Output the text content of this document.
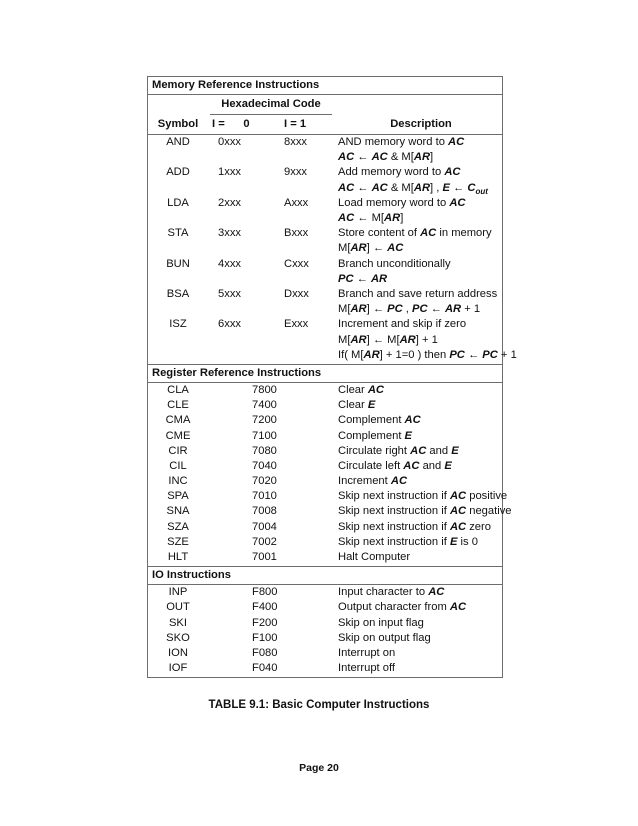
Memory Reference Instructions
Hexadecimal Code
Symbol	I =      0	I = 1	Description
AND	0xxx	8xxx	AND memory word to AC
AC ← AC & M[AR]
ADD	1xxx	9xxx	Add memory word to AC
AC ← AC & M[AR] , E ← $C_{out}$
LDA	2xxx	Axxx	Load memory word to AC
AC ← M[AR]
STA	3xxx	Bxxx	Store content of AC in memory
M[AR] ← AC
BUN	4xxx	Cxxx	Branch unconditionally
PC ← AR
BSA	5xxx	Dxxx	Branch and save return address
M[AR] ← PC , PC ← AR + 1
ISZ	6xxx	Exxx	Increment and skip if zero
M[AR] ← M[AR] + 1
If( M[AR] + 1=0 ) then PC ← PC + 1
Register Reference Instructions
CLA	7800	Clear AC
CLE	7400	Clear E
CMA	7200	Complement AC
CME	7100	Complement E
CIR	7080	Circulate right AC and E
CIL	7040	Circulate left AC and E
INC	7020	Increment AC
SPA	7010	Skip next instruction if AC positive
SNA	7008	Skip next instruction if AC negative
SZA	7004	Skip next instruction if AC zero
SZE	7002	Skip next instruction if E is 0
HLT	7001	Halt Computer
IO Instructions
INP	F800	Input character to AC
OUT	F400	Output character from AC
SKI	F200	Skip on input flag
SKO	F100	Skip on output flag
ION	F080	Interrupt on
IOF	F040	Interrupt off
TABLE 9.1: Basic Computer Instructions
Page 20
